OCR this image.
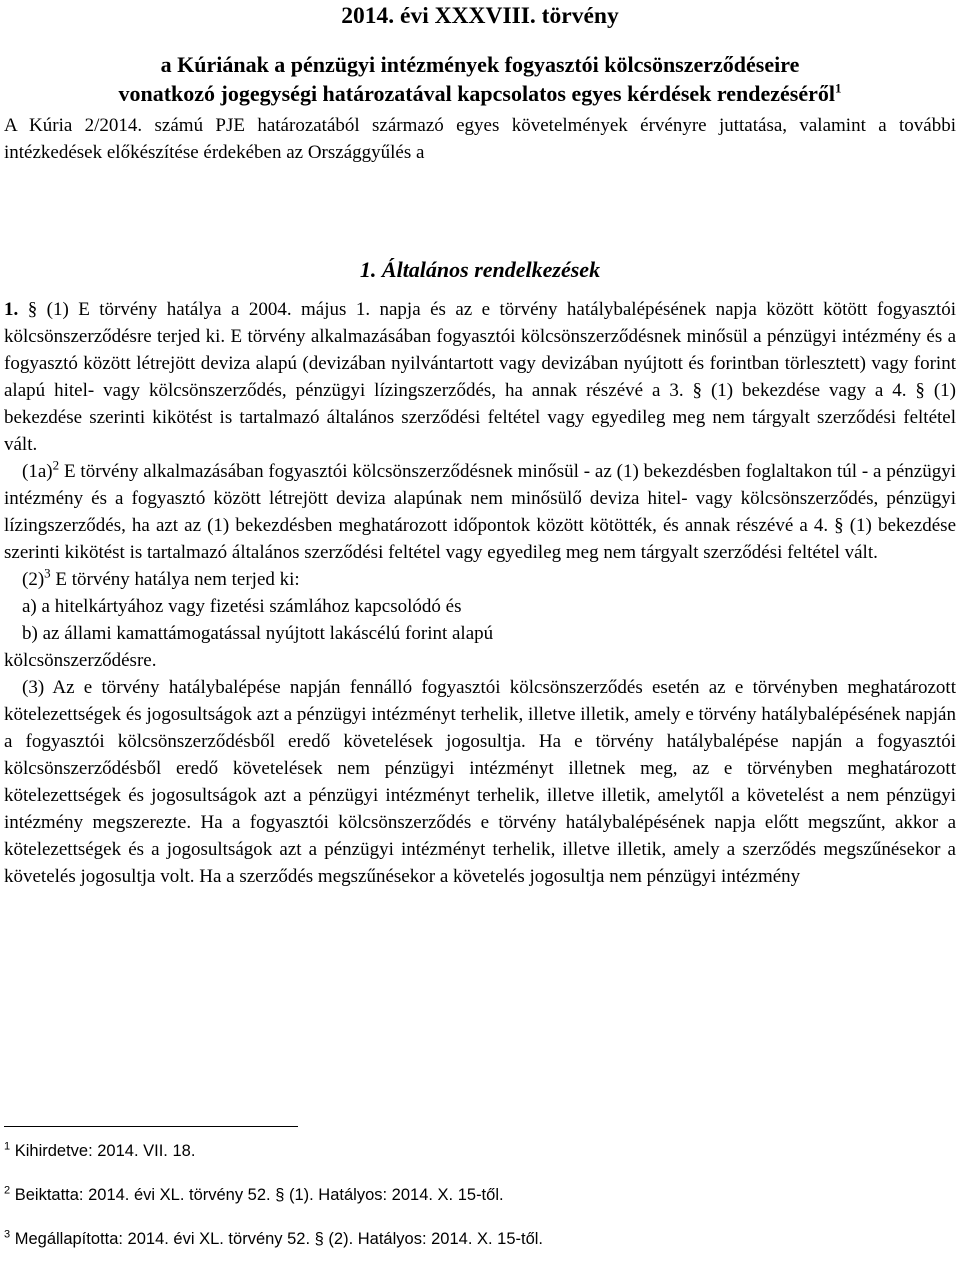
2014. évi XXXVIII. törvény
a Kúriának a pénzügyi intézmények fogyasztói kölcsönszerződéseire
vonatkozó jogegységi határozatával kapcsolatos egyes kérdések rendezéséről$^1$

A Kúria 2/2014. számú PJE határozatából származó egyes követelmények érvényre juttatása, valamint a további intézkedések előkészítése érdekében az Országgyűlés a

1. Általános rendelkezések

1. § (1) E törvény hatálya a 2004. május 1. napja és az e törvény hatálybalépésének napja között kötött fogyasztói kölcsönszerződésre terjed ki. E törvény alkalmazásában fogyasztói kölcsönszerződésnek minősül a pénzügyi intézmény és a fogyasztó között létrejött deviza alapú (devizában nyilvántartott vagy devizában nyújtott és forintban törlesztett) vagy forint alapú hitel- vagy kölcsönszerződés, pénzügyi lízingszerződés, ha annak részévé a 3. § (1) bekezdése vagy a 4. § (1) bekezdése szerinti kikötést is tartalmazó általános szerződési feltétel vagy egyedileg meg nem tárgyalt szerződési feltétel vált.

$(1a)^2$ E törvény alkalmazásában fogyasztói kölcsönszerződésnek minősül - az (1) bekezdésben foglaltakon túl - a pénzügyi intézmény és a fogyasztó között létrejött deviza alapúnak nem minősülő deviza hitel- vagy kölcsönszerződés, pénzügyi lízingszerződés, ha azt az (1) bekezdésben meghatározott időpontok között kötötték, és annak részévé a 4. § (1) bekezdése szerinti kikötést is tartalmazó általános szerződési feltétel vagy egyedileg meg nem tárgyalt szerződési feltétel vált.

$(2)^3$ E törvény hatálya nem terjed ki:

a) a hitelkártyához vagy fizetési számlához kapcsolódó és

b) az állami kamattámogatással nyújtott lakáscélú forint alapú

kölcsönszerződésre.

(3) Az e törvény hatálybalépése napján fennálló fogyasztói kölcsönszerződés esetén az e törvényben meghatározott kötelezettségek és jogosultságok azt a pénzügyi intézményt terhelik, illetve illetik, amely e törvény hatálybalépésének napján a fogyasztói kölcsönszerződésből eredő követelések jogosultja. Ha e törvény hatálybalépése napján a fogyasztói kölcsönszerződésből eredő követelések nem pénzügyi intézményt illetnek meg, az e törvényben meghatározott kötelezettségek és jogosultságok azt a pénzügyi intézményt terhelik, illetve illetik, amelytől a követelést a nem pénzügyi intézmény megszerezte. Ha a fogyasztói kölcsönszerződés e törvény hatálybalépésének napja előtt megszűnt, akkor a kötelezettségek és a jogosultságok azt a pénzügyi intézményt terhelik, illetve illetik, amely a szerződés megszűnésekor a követelés jogosultja volt. Ha a szerződés megszűnésekor a követelés jogosultja nem pénzügyi intézmény

$^1$ Kihirdetve: 2014. VII. 18.

$^2$ Beiktatta: 2014. évi XL. törvény 52. § (1). Hatályos: 2014. X. 15-től.

$^3$ Megállapította: 2014. évi XL. törvény 52. § (2). Hatályos: 2014. X. 15-től.
